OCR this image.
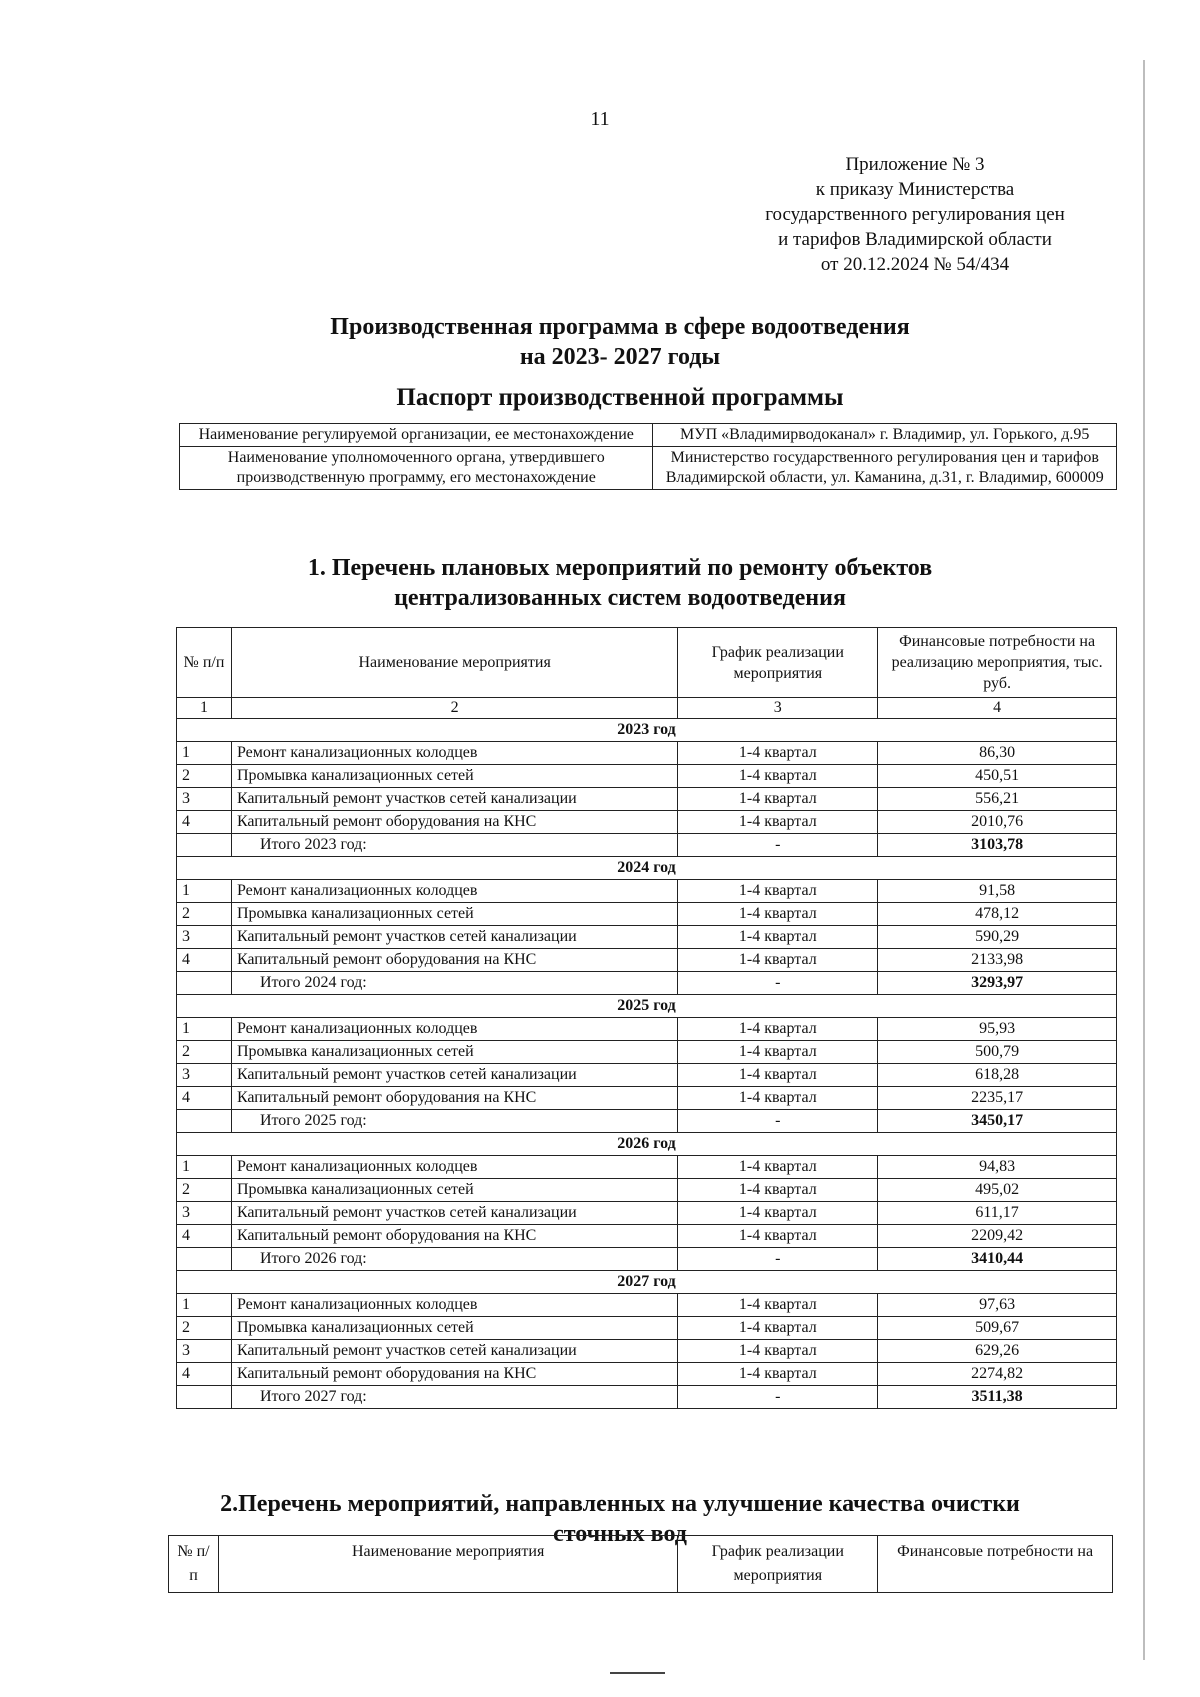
11
Приложение № 3
к приказу Министерства
государственного регулирования цен
и тарифов Владимирской области
от 20.12.2024 № 54/434
Производственная программа в сфере водоотведения
на 2023- 2027 годы
Паспорт производственной программы
Наименование регулируемой организации, ее местонахождение	МУП «Владимирводоканал» г. Владимир, ул. Горького, д.95
Наименование уполномоченного органа, утвердившего производственную программу, его местонахождение	Министерство государственного регулирования цен и тарифов Владимирской области, ул. Каманина, д.31, г. Владимир, 600009
1. Перечень плановых мероприятий по ремонту объектов
централизованных систем водоотведения
№ п/п	Наименование мероприятия	График реализации мероприятия	Финансовые потребности на реализацию мероприятия, тыс. руб.
1	2	3	4
2023 год			
1	Ремонт канализационных колодцев	1-4 квартал	86,30
2	Промывка канализационных сетей	1-4 квартал	450,51
3	Капитальный ремонт участков сетей канализации	1-4 квартал	556,21
4	Капитальный ремонт оборудования на КНС	1-4 квартал	2010,76
	Итого 2023 год:	-	3103,78
2024 год			
1	Ремонт канализационных колодцев	1-4 квартал	91,58
2	Промывка канализационных сетей	1-4 квартал	478,12
3	Капитальный ремонт участков сетей канализации	1-4 квартал	590,29
4	Капитальный ремонт оборудования на КНС	1-4 квартал	2133,98
	Итого 2024 год:	-	3293,97
2025 год			
1	Ремонт канализационных колодцев	1-4 квартал	95,93
2	Промывка канализационных сетей	1-4 квартал	500,79
3	Капитальный ремонт участков сетей канализации	1-4 квартал	618,28
4	Капитальный ремонт оборудования на КНС	1-4 квартал	2235,17
	Итого 2025 год:	-	3450,17
2026 год			
1	Ремонт канализационных колодцев	1-4 квартал	94,83
2	Промывка канализационных сетей	1-4 квартал	495,02
3	Капитальный ремонт участков сетей канализации	1-4 квартал	611,17
4	Капитальный ремонт оборудования на КНС	1-4 квартал	2209,42
	Итого 2026 год:	-	3410,44
2027 год			
1	Ремонт канализационных колодцев	1-4 квартал	97,63
2	Промывка канализационных сетей	1-4 квартал	509,67
3	Капитальный ремонт участков сетей канализации	1-4 квартал	629,26
4	Капитальный ремонт оборудования на КНС	1-4 квартал	2274,82
	Итого 2027 год:	-	3511,38
2.Перечень мероприятий, направленных на улучшение качества очистки
сточных вод
№ п/п	Наименование мероприятия	График реализации мероприятия	Финансовые потребности на
